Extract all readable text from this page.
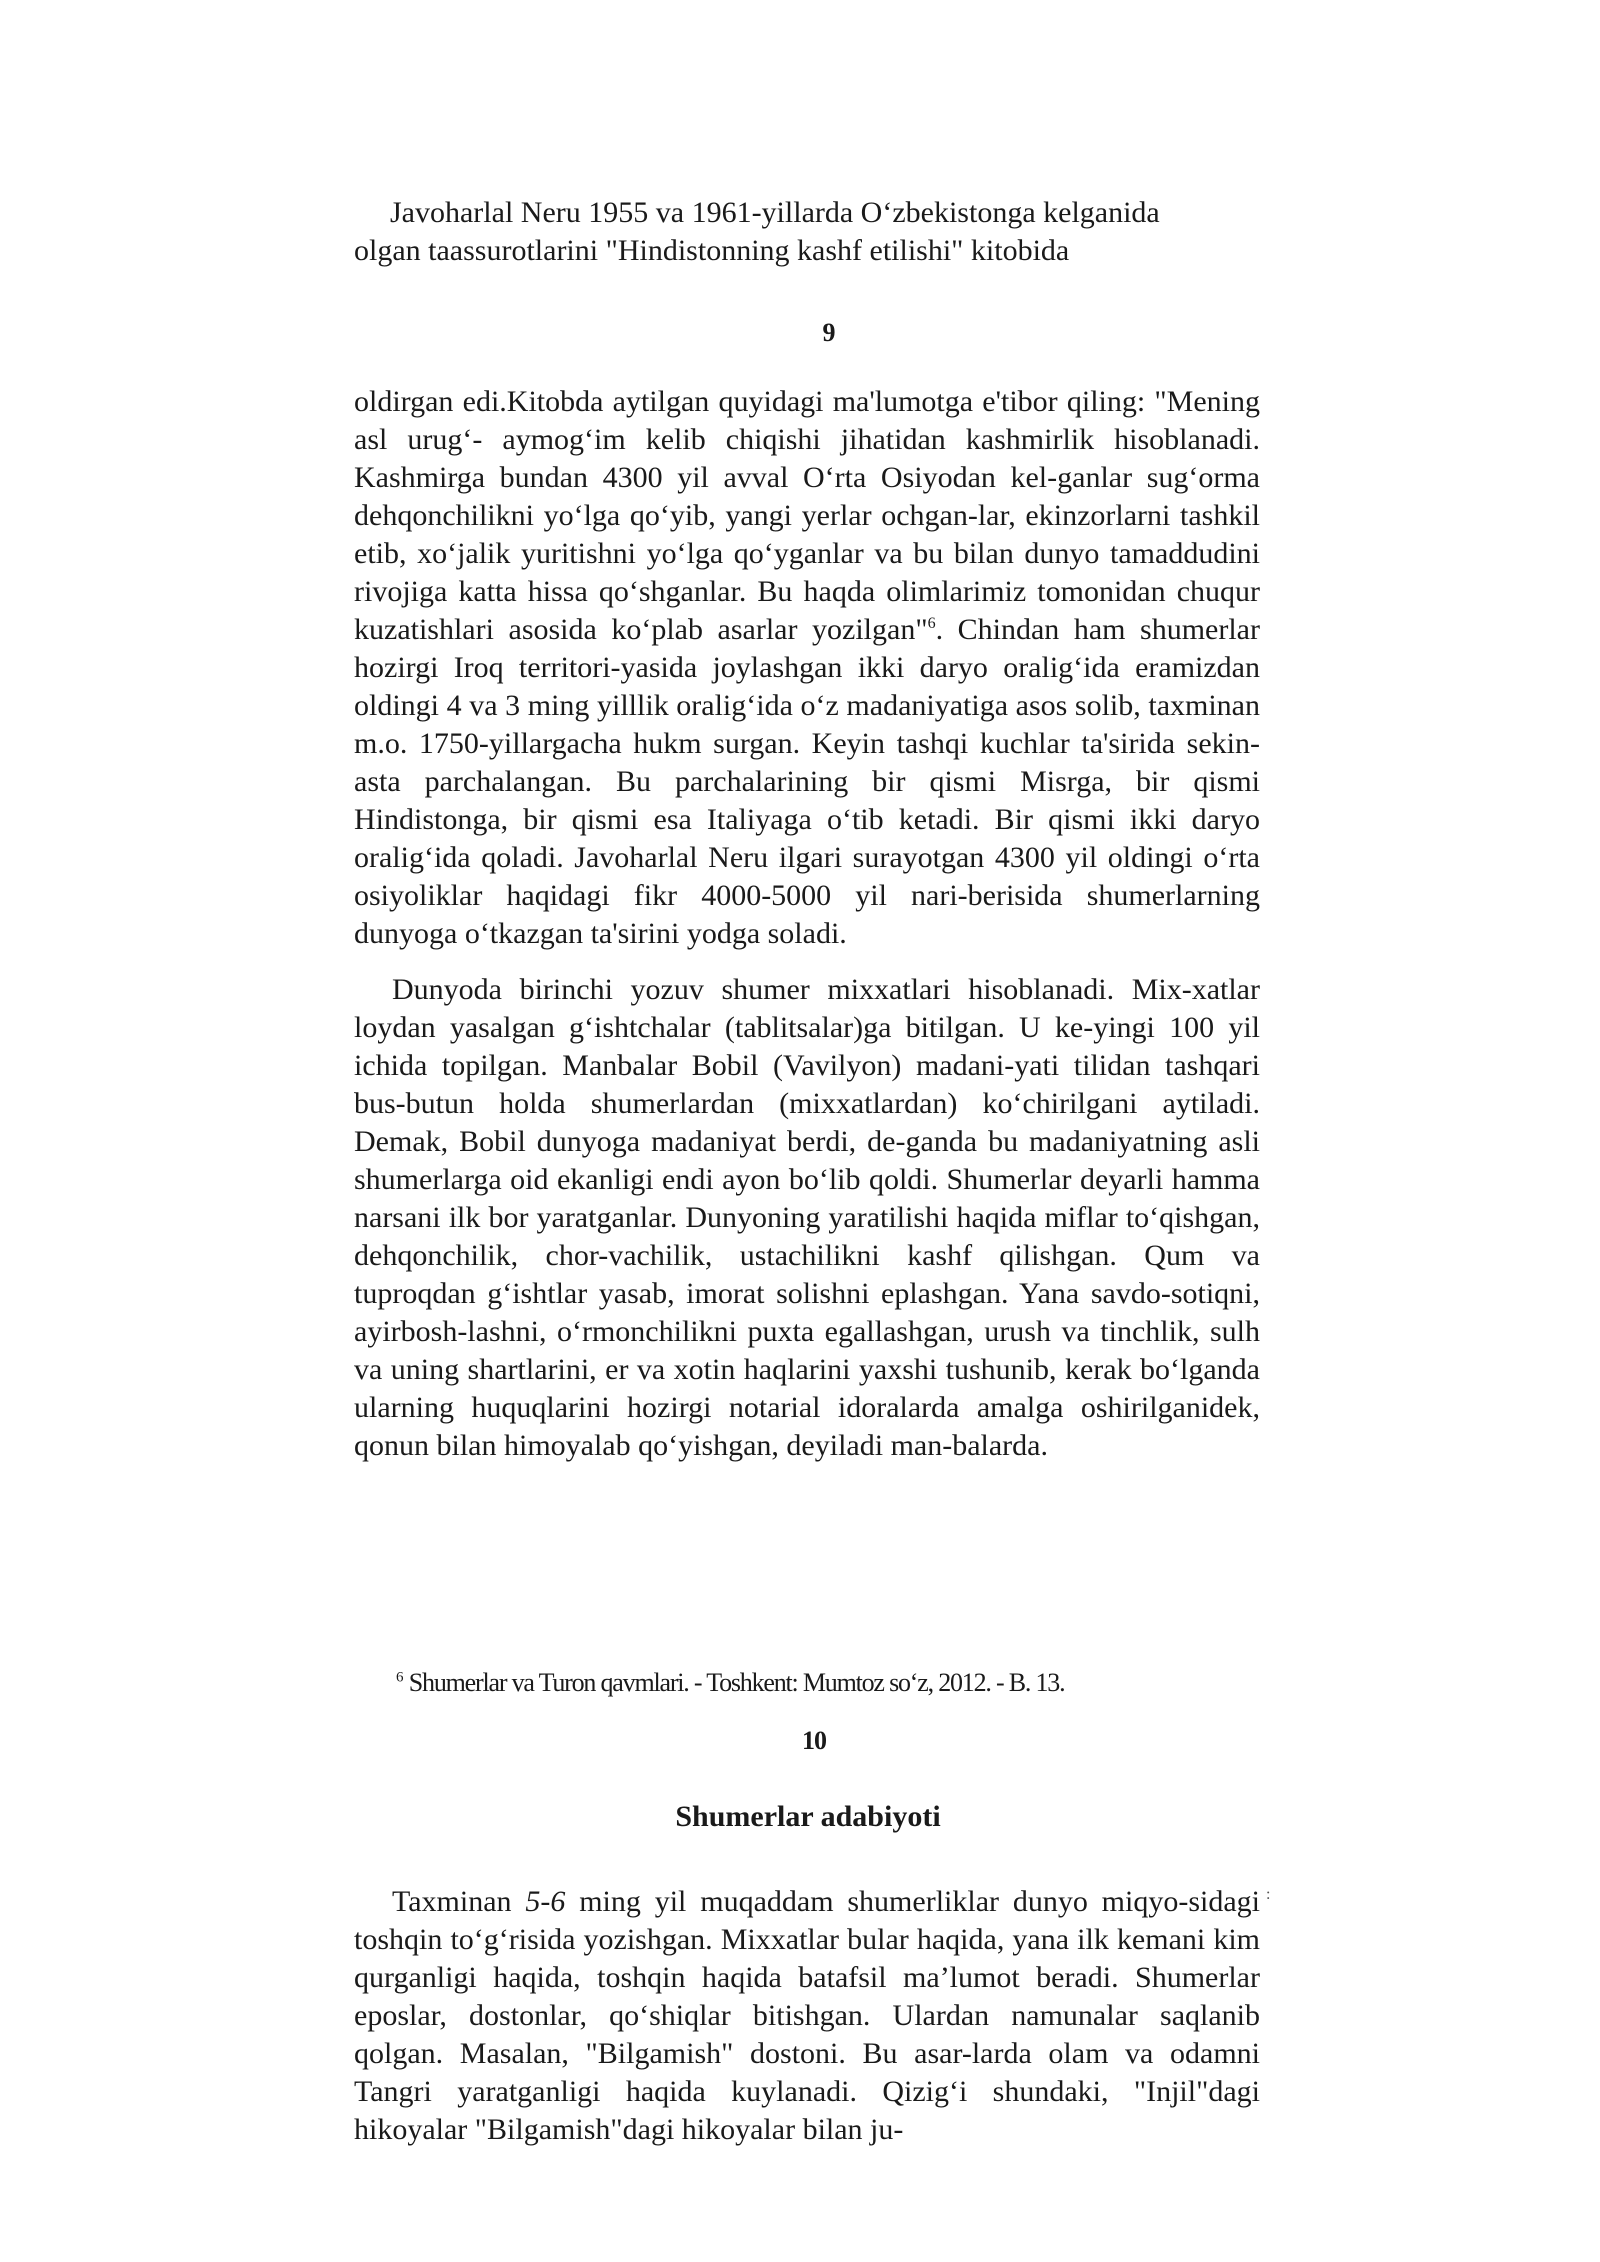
Javoharlal Neru 1955 va 1961-yillarda O‘zbekistonga kelganida

olgan taassurotlarini "Hindistonning kashf etilishi" kitobida

9

oldirgan edi.Kitobda aytilgan quyidagi ma'lumotga e'tibor qiling: "Mening asl urug‘- aymog‘im kelib chiqishi jihatidan kashmirlik hisoblanadi. Kashmirga bundan 4300 yil avval O‘rta Osiyodan kel-ganlar sug‘orma dehqonchilikni yo‘lga qo‘yib, yangi yerlar ochgan-lar, ekinzorlarni tashkil etib, xo‘jalik yuritishni yo‘lga qo‘yganlar va bu bilan dunyo tamaddudini rivojiga katta hissa qo‘shganlar. Bu haqda olimlarimiz tomonidan chuqur kuzatishlari asosida ko‘plab asarlar yozilgan"$^6$. Chindan ham shumerlar hozirgi Iroq territori-yasida joylashgan ikki daryo oralig‘ida eramizdan oldingi 4 va 3 ming yilllik oralig‘ida o‘z madaniyatiga asos solib, taxminan m.o. 1750-yillargacha hukm surgan. Keyin tashqi kuchlar ta'sirida sekin-asta parchalangan. Bu parchalarining bir qismi Misrga, bir qismi Hindistonga, bir qismi esa Italiyaga o‘tib ketadi. Bir qismi ikki daryo oralig‘ida qoladi. Javoharlal Neru ilgari surayotgan 4300 yil oldingi o‘rta osiyoliklar haqidagi fikr 4000-5000 yil nari-berisida shumerlarning dunyoga o‘tkazgan ta'sirini yodga soladi.

Dunyoda birinchi yozuv shumer mixxatlari hisoblanadi. Mix-xatlar loydan yasalgan g‘ishtchalar (tablitsalar)ga bitilgan. U ke-yingi 100 yil ichida topilgan. Manbalar Bobil (Vavilyon) madani-yati tilidan tashqari bus-butun holda shumerlardan (mixxatlardan) ko‘chirilgani aytiladi. Demak, Bobil dunyoga madaniyat berdi, de-ganda bu madaniyatning asli shumerlarga oid ekanligi endi ayon bo‘lib qoldi. Shumerlar deyarli hamma narsani ilk bor yaratganlar. Dunyoning yaratilishi haqida miflar to‘qishgan, dehqonchilik, chor-vachilik, ustachilikni kashf qilishgan. Qum va tuproqdan g‘ishtlar yasab, imorat solishni eplashgan. Yana savdo-sotiqni, ayirbosh-lashni, o‘rmonchilikni puxta egallashgan, urush va tinchlik, sulh va uning shartlarini, er va xotin haqlarini yaxshi tushunib, kerak bo‘lganda ularning huquqlarini hozirgi notarial idoralarda amalga oshirilganidek, qonun bilan himoyalab qo‘yishgan, deyiladi man-balarda.

$^6$ Shumerlar va Turon qavmlari. - Toshkent: Mumtoz so‘z, 2012. - B. 13.
10
Shumerlar adabiyoti

Taxminan 5-6 ming yil muqaddam shumerliklar dunyo miqyo-sidagi toshqin to‘g‘risida yozishgan. Mixxatlar bular haqida, yana ilk kemani kim qurganligi haqida, toshqin haqida batafsil ma’lumot beradi. Shumerlar eposlar, dostonlar, qo‘shiqlar bitishgan. Ulardan namunalar saqlanib qolgan. Masalan, "Bilgamish" dostoni. Bu asar-larda olam va odamni Tangri yaratganligi haqida kuylanadi. Qizig‘i shundaki, "Injil"dagi hikoyalar "Bilgamish"dagi hikoyalar bilan ju-

:
